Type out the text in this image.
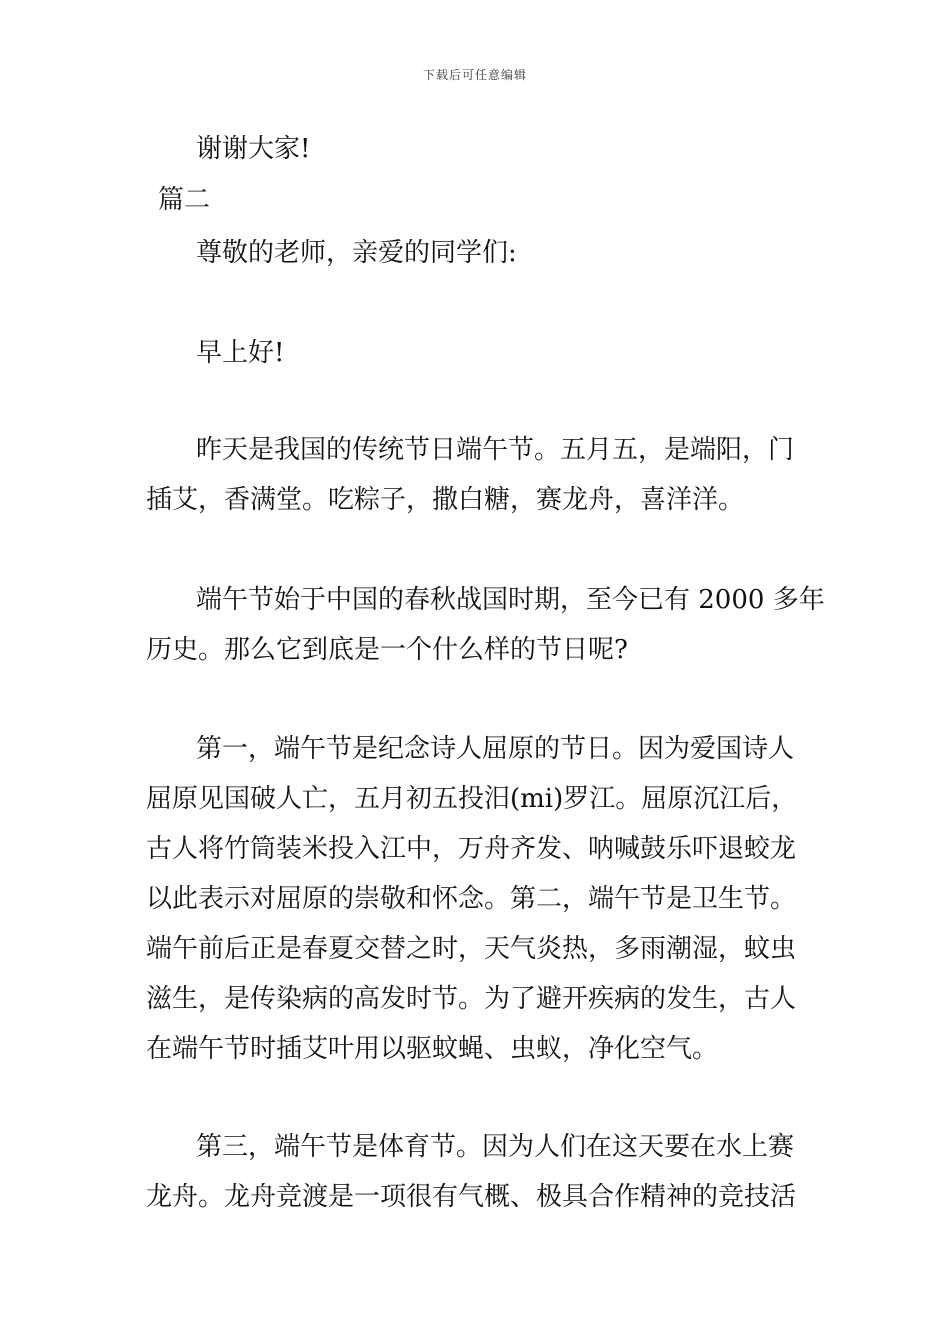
下载后可任意编辑
谢谢大家!
篇二
尊敬的老师，亲爱的同学们:
早上好!
昨天是我国的传统节日端午节。五月五，是端阳，门
插艾，香满堂。吃粽子，撒白糖，赛龙舟，喜洋洋。
端午节始于中国的春秋战国时期，至今已有 2000 多年
历史。那么它到底是一个什么样的节日呢?
第一，端午节是纪念诗人屈原的节日。因为爱国诗人
屈原见国破人亡，五月初五投汨(mi)罗江。屈原沉江后，
古人将竹筒装米投入江中，万舟齐发、呐喊鼓乐吓退蛟龙
以此表示对屈原的崇敬和怀念。第二，端午节是卫生节。
端午前后正是春夏交替之时，天气炎热，多雨潮湿，蚊虫
滋生，是传染病的高发时节。为了避开疾病的发生，古人
在端午节时插艾叶用以驱蚊蝇、虫蚁，净化空气。
第三，端午节是体育节。因为人们在这天要在水上赛
龙舟。龙舟竞渡是一项很有气概、极具合作精神的竞技活
